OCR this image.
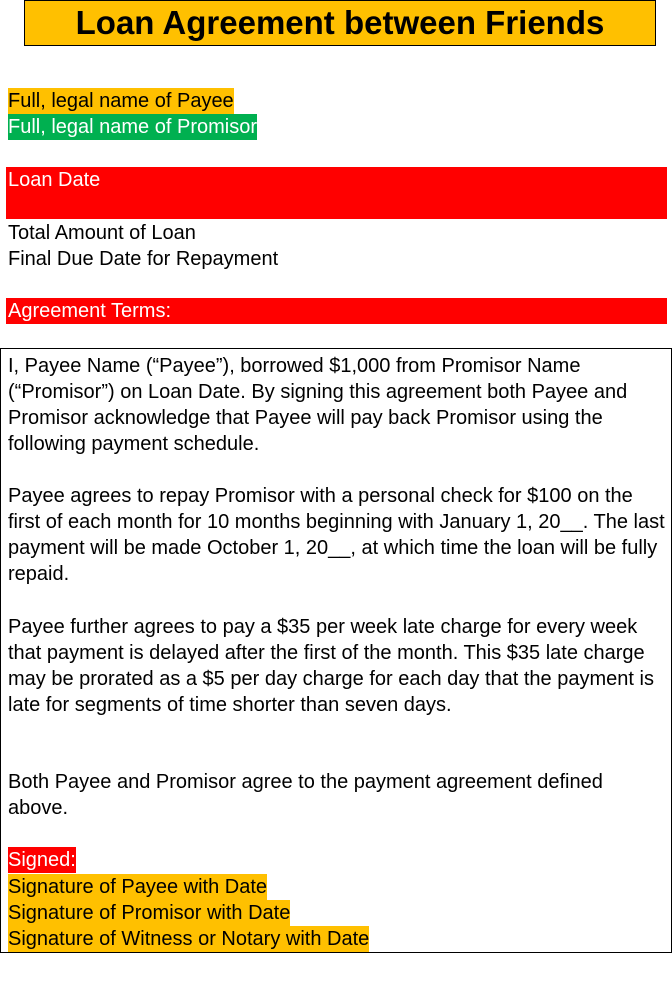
Loan Agreement between Friends
Full, legal name of Payee
Full, legal name of Promisor
Loan Date
Total Amount of Loan
Final Due Date for Repayment
Agreement Terms:

I, Payee Name (“Payee”), borrowed $1,000 from Promisor Name (“Promisor”) on Loan Date. By signing this agreement both Payee and Promisor acknowledge that Payee will pay back Promisor using the following payment schedule.

Payee agrees to repay Promisor with a personal check for $100 on the first of each month for 10 months beginning with January 1, 20__. The last payment will be made October 1, 20__, at which time the loan will be fully repaid.

Payee further agrees to pay a $35 per week late charge for every week that payment is delayed after the first of the month. This $35 late charge may be prorated as a $5 per day charge for each day that the payment is late for segments of time shorter than seven days.

Both Payee and Promisor agree to the payment agreement defined above.

Signed:
Signature of Payee with Date
Signature of Promisor with Date
Signature of Witness or Notary with Date
